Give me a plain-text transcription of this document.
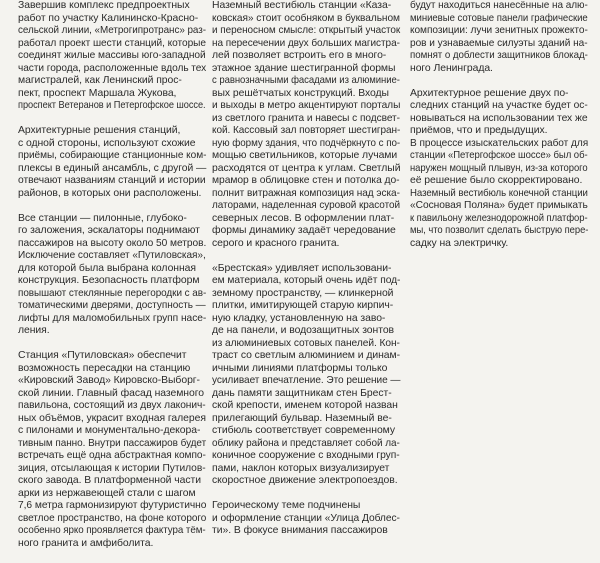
Завершив комплекс предпроектных
работ по участку Калининско-Красно-
сельской линии, «Метрогипротранс» раз-
работал проект шести станций, которые
соединят жилые массивы юго-западной
части города, расположенные вдоль тех
магистралей, как Ленинский прос-
пект, проспект Маршала Жукова,
проспект Ветеранов и Петергофское шоссе.
Архитектурные решения станций,
с одной стороны, используют схожие
приёмы, собирающие станционные ком-
плексы в единый ансамбль, с другой —
отвечают названиям станций и истории
районов, в которых они расположены.
Все станции — пилонные, глубоко-
го заложения, эскалаторы поднимают
пассажиров на высоту около 50 метров.
Исключение составляет «Путиловская»,
для которой была выбрана колонная
конструкция. Безопасность платформ
повышают стеклянные перегородки с ав-
томатическими дверями, доступность —
лифты для маломобильных групп насе-
ления.
Станция «Путиловская» обеспечит
возможность пересадки на станцию
«Кировский Завод» Кировско-Выборг-
ской линии. Главный фасад наземного
павильона, состоящий из двух лаконич-
ных объёмов, украсит входная галерея
с пилонами и монументально-декора-
тивным панно. Внутри пассажиров будет
встречать ещё одна абстрактная компо-
зиция, отсылающая к истории Путилов-
ского завода. В платформенной части
арки из нержавеющей стали с шагом
7,6 метра гармонизируют футуристично
светлое пространство, на фоне которого
особенно ярко проявляется фактура тём-
ного гранита и амфиболита.
Наземный вестибюль станции «Каза-
ковская» стоит особняком в буквальном
и переносном смысле: открытый участок
на пересечении двух больших магистра-
лей позволяет встроить его в много-
этажное здание шестигранной формы
с равнозначными фасадами из алюминие-
вых решётчатых конструкций. Входы
и выходы в метро акцентируют порталы
из светлого гранита и навесы с подсвет-
кой. Кассовый зал повторяет шестигран-
ную форму здания, что подчёркнуто с по-
мощью светильников, которые лучами
расходятся от центра к углам. Светлый
мрамор в облицовке стен и потолка до-
полнит витражная композиция над эска-
латорами, наделенная суровой красотой
северных лесов. В оформлении плат-
формы динамику задаёт чередование
серого и красного гранита.
«Брестская» удивляет использовани-
ем материала, который очень идёт под-
земному пространству, — клинкерной
плитки, имитирующей старую кирпич-
ную кладку, установленную на заво-
де на панели, и водозащитных зонтов
из алюминиевых сотовых панелей. Кон-
траст со светлым алюминием и динам-
ичными линиями платформы только
усиливает впечатление. Это решение —
дань памяти защитникам стен Брест-
ской крепости, именем которой назван
прилегающий бульвар. Наземный ве-
стибюль соответствует современному
облику района и представляет собой ла-
коничное сооружение с входными груп-
пами, наклон которых визуализирует
скоростное движение электропоездов.
Героическому теме подчинены
и оформление станции «Улица Доблес-
ти». В фокусе внимания пассажиров
будут находиться нанесённые на алю-
миниевые сотовые панели графические
композиции: лучи зенитных прожекто-
ров и узнаваемые силуэты зданий на-
помнят о доблести защитников блокад-
ного Ленинграда.
Архитектурное решение двух по-
следних станций на участке будет ос-
новываться на использовании тех же
приёмов, что и предыдущих.
В процессе изыскательских работ для
станции «Петергофское шоссе» был об-
наружен мощный плывун, из-за которого
её решение было скорректировано.
Наземный вестибюль конечной станции
«Сосновая Поляна» будет примыкать
к павильону железнодорожной платфор-
мы, что позволит сделать быструю пере-
садку на электричку.
